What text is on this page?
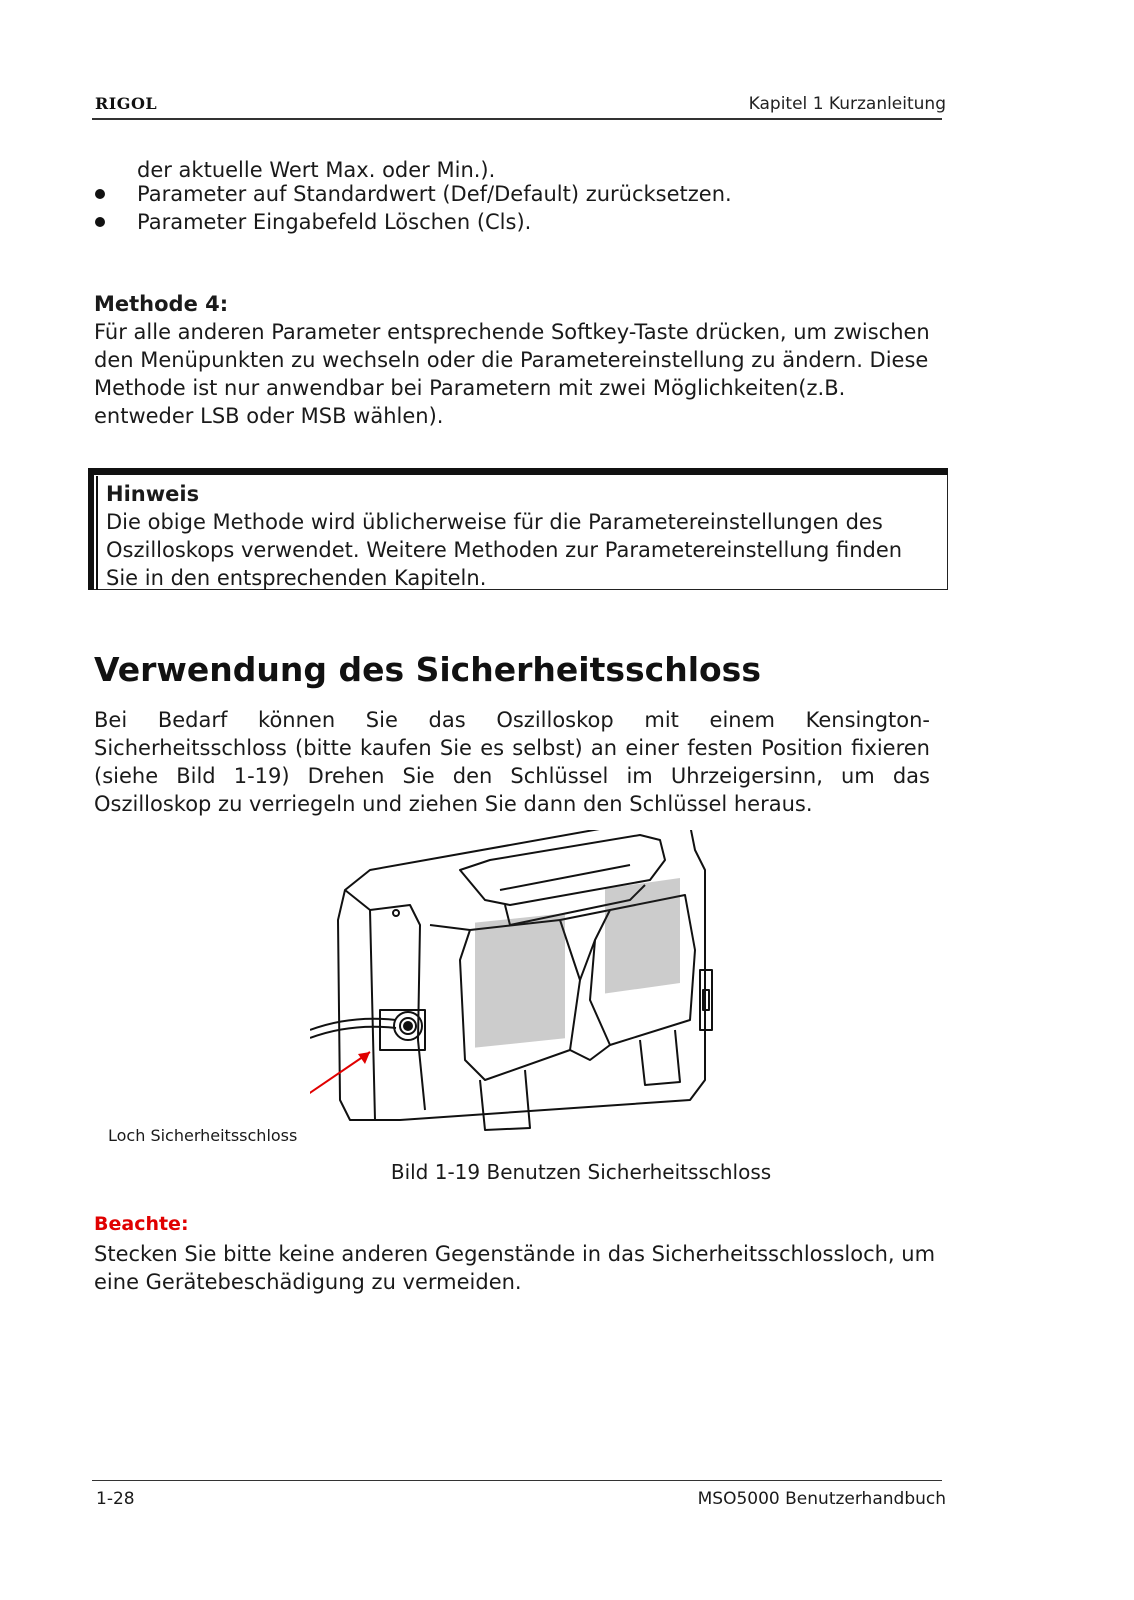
RIGOL	Kapitel 1 Kurzanleitung
der aktuelle Wert Max. oder Min.).
Parameter auf Standardwert (Def/Default) zurücksetzen.
Parameter Eingabefeld Löschen (Cls).
Methode 4:
Für alle anderen Parameter entsprechende Softkey-Taste drücken, um zwischen den Menüpunkten zu wechseln oder die Parametereinstellung zu ändern. Diese Methode ist nur anwendbar bei Parametern mit zwei Möglichkeiten(z.B. entweder LSB oder MSB wählen).
Hinweis
Die obige Methode wird üblicherweise für die Parametereinstellungen des Oszilloskops verwendet. Weitere Methoden zur Parametereinstellung finden Sie in den entsprechenden Kapiteln.
Verwendung des Sicherheitsschloss
Bei Bedarf können Sie das Oszilloskop mit einem Kensington-Sicherheitsschloss (bitte kaufen Sie es selbst) an einer festen Position fixieren (siehe Bild 1-19) Drehen Sie den Schlüssel im Uhrzeigersinn, um das Oszilloskop zu verriegeln und ziehen Sie dann den Schlüssel heraus.
Loch Sicherheitsschloss
Bild 1-19 Benutzen Sicherheitsschloss
Beachte:
Stecken Sie bitte keine anderen Gegenstände in das Sicherheitsschlossloch, um eine Gerätebeschädigung zu vermeiden.
1-28	MSO5000 Benutzerhandbuch
